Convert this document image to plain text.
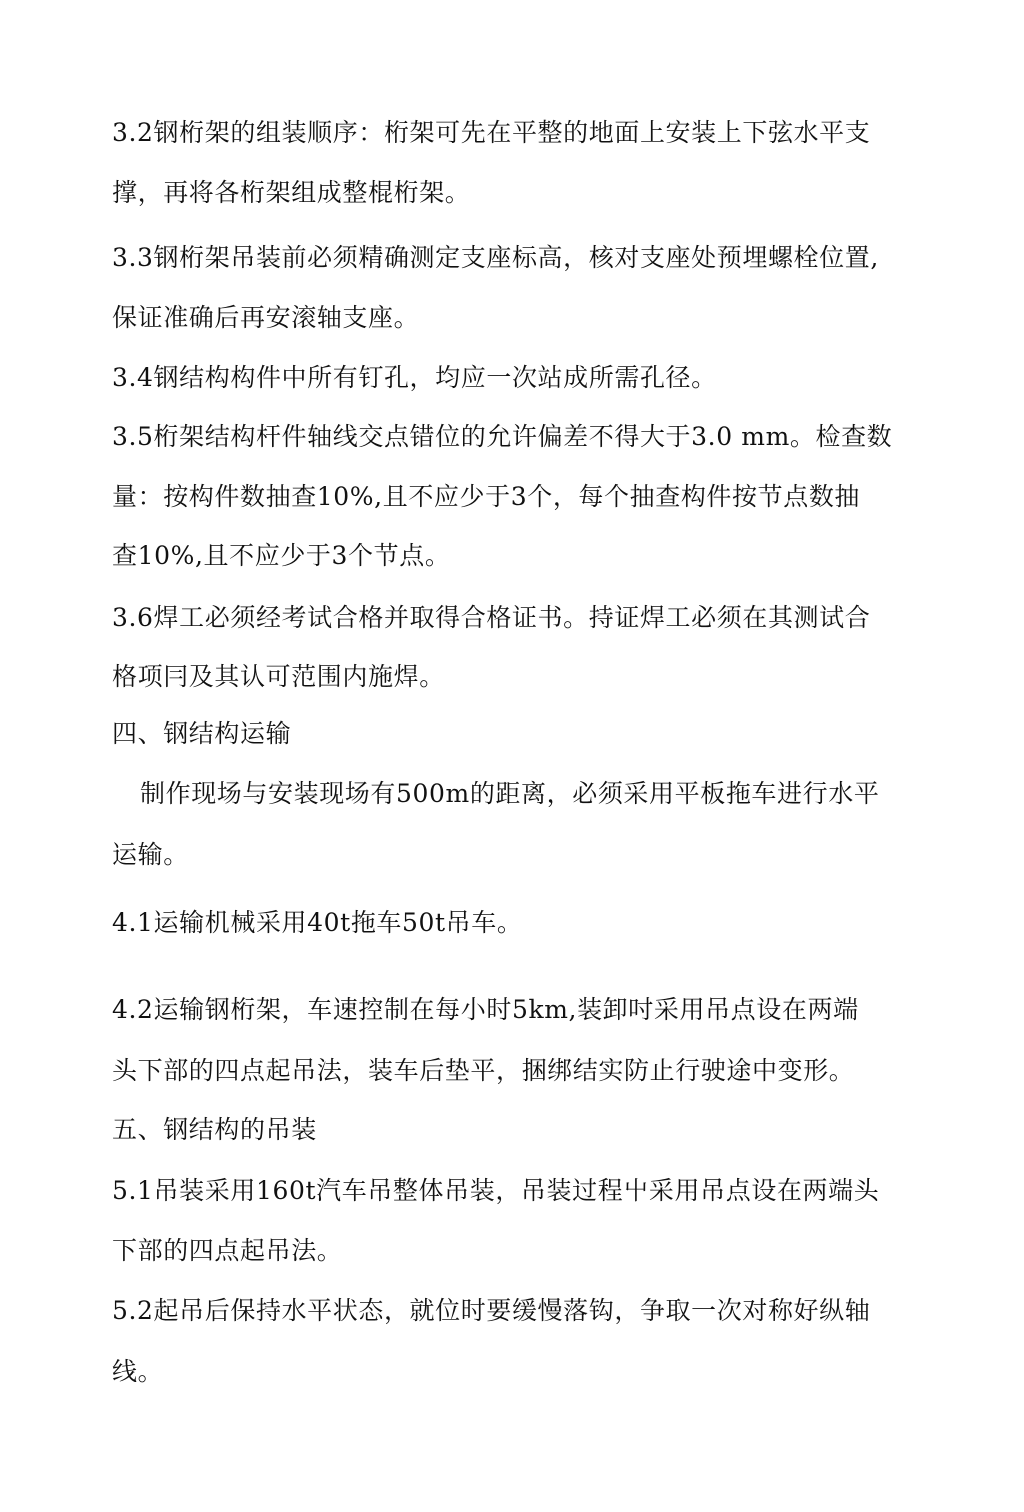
3.2钢桁架的组装顺序：桁架可先在平整的地面上安装上下弦水平支
撑，再将各桁架组成整棍桁架。
3.3钢桁架吊装前必须精确测定支座标高，核对支座处预埋螺栓位置,
保证准确后再安滚轴支座。
3.4钢结构构件中所有钉孔，均应一次站成所需孔径。
3.5桁架结构杆件轴线交点错位的允许偏差不得大于3.0 mm。检查数
量：按构件数抽查10%,且不应少于3个，每个抽查构件按节点数抽
查10%,且不应少于3个节点。
3.6焊工必须经考试合格并取得合格证书。持证焊工必须在其测试合
格项冃及其认可范围内施焊。
四、钢结构运输
制作现场与安装现场有500m的距离，必须采用平板拖车进行水平
运输。
4.1运输机械采用40t拖车50t吊车。
4.2运输钢桁架，车速控制在每小时5km,装卸吋采用吊点设在两端
头下部的四点起吊法，装车后垫平，捆绑结实防止行驶途中变形。
五、钢结构的吊装
5.1吊装采用160t汽车吊整体吊装，吊装过程屮采用吊点设在两端头
下部的四点起吊法。
5.2起吊后保持水平状态，就位时要缓慢落钩，争取一次对称好纵轴
线。
